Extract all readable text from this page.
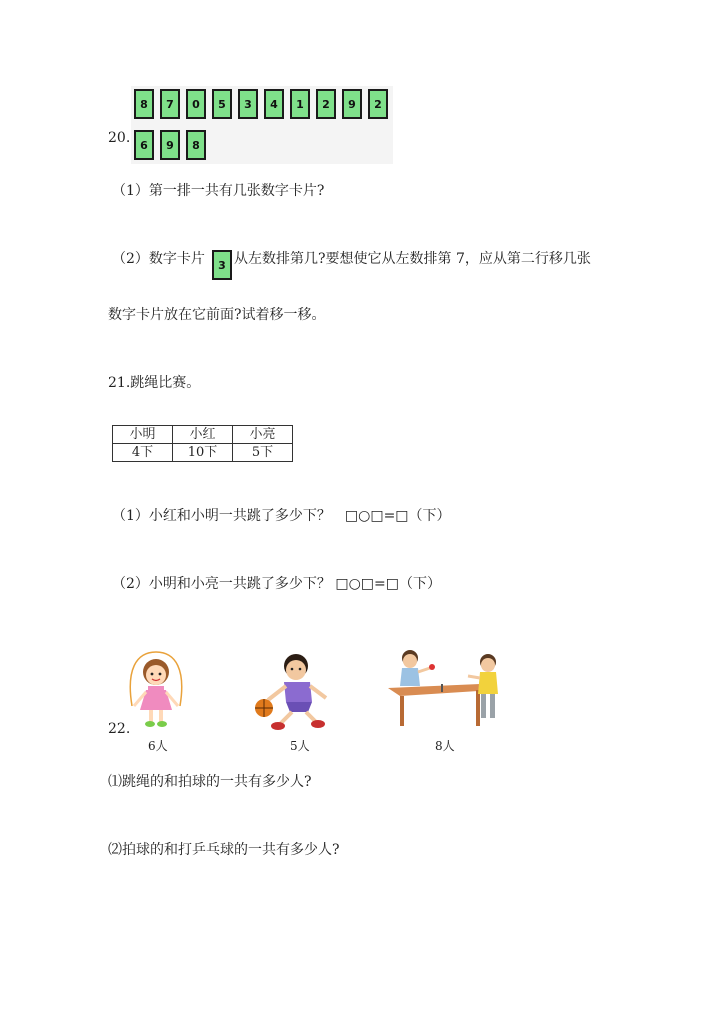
8	7	0	5	3	4	1	2	9	2
6	9	8
20.
（1）第一排一共有几张数字卡片?
（2）数字卡片	3 从左数排第几?要想使它从左数排第 7，应从第二行移几张
数字卡片放在它前面?试着移一移。
21.跳绳比赛。
小明	小红	小亮
4下	10下	5下
（1）小红和小明一共跳了多少下？　□○□=□（下）
（2）小明和小亮一共跳了多少下？ □○□=□（下）
22.
6人	5人	8人
⑴跳绳的和拍球的一共有多少人?
⑵拍球的和打乒乓球的一共有多少人?
